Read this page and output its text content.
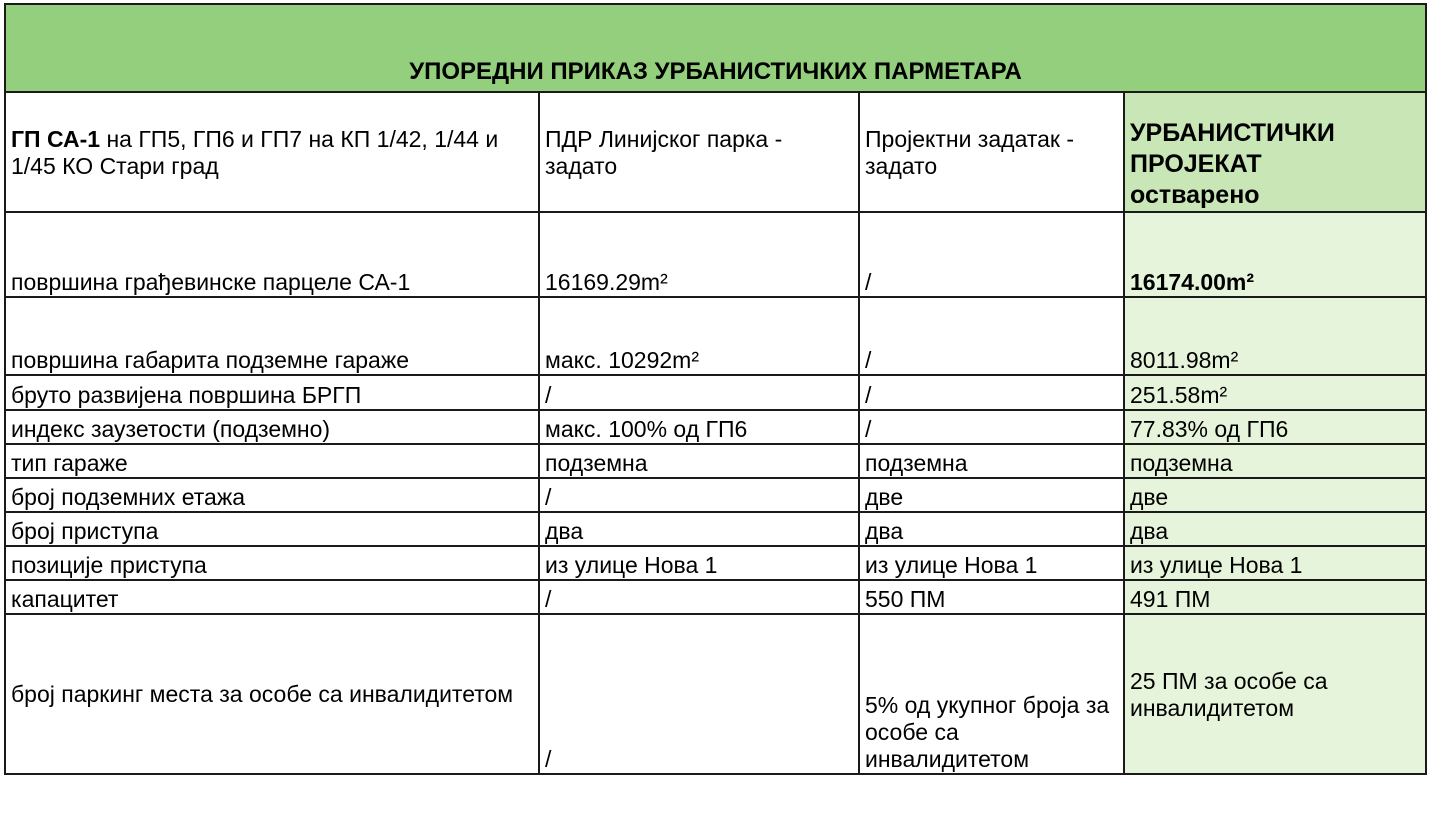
УПОРЕДНИ ПРИКАЗ УРБАНИСТИЧКИХ ПАРМЕТАРА			
ГП СА-1 на ГП5, ГП6 и ГП7 на КП 1/42, 1/44 и 1/45 КО Стари град	ПДР Линијског парка - задато	Пројектни задатак - задато	УРБАНИСТИЧКИ ПРОЈЕКАТ
остварено

површина грађевинске парцеле СА-1	16169.29m²	/	16174.00m²
површина габарита подземне гараже	макс. 10292m²	/	8011.98m²
бруто развијена површина БРГП	/	/	251.58m²
индекс заузетости (подземно)	макс. 100% од ГП6	/	77.83% од ГП6
тип гараже	подземна	подземна	подземна
број подземних етажа	/	две	две
број приступа	два	два	два
позиције приступа	из улице Нова 1	из улице Нова 1	из улице Нова 1
капацитет	/	550 ПМ	491 ПМ
број паркинг места за особе са инвалидитетом	/	5% од укупног броја за особе са инвалидитетом	25 ПМ за особе са инвалидитетом
